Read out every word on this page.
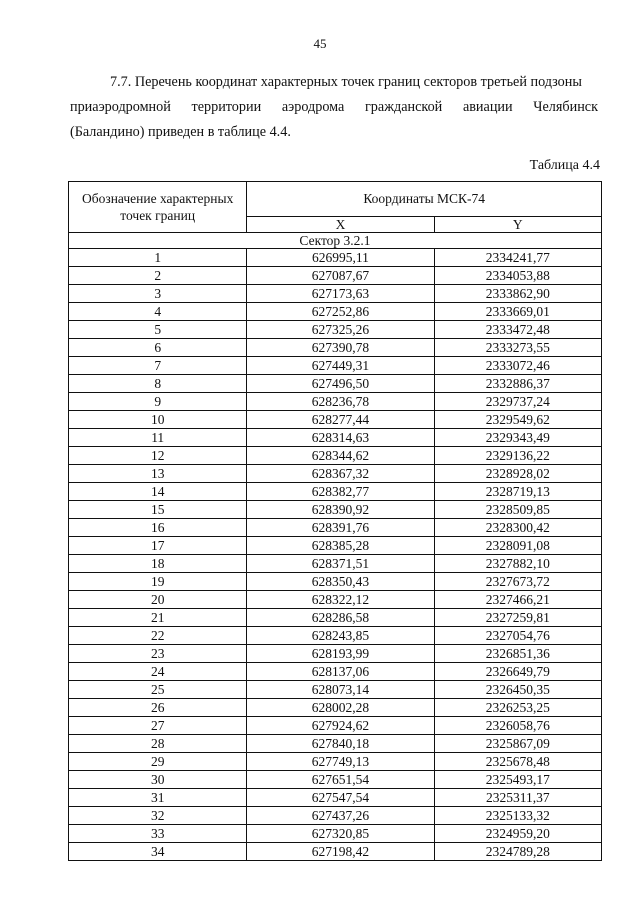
45
7.7. Перечень координат характерных точек границ секторов третьей подзоны
приаэродромной территории аэродрома гражданской авиации Челябинск
(Баландино) приведен в таблице 4.4.
Таблица 4.4
Обозначение характерных точек границ	Координаты МСК-74	
	X	Y
Сектор 3.2.1		
1	626995,11	2334241,77
2	627087,67	2334053,88
3	627173,63	2333862,90
4	627252,86	2333669,01
5	627325,26	2333472,48
6	627390,78	2333273,55
7	627449,31	2333072,46
8	627496,50	2332886,37
9	628236,78	2329737,24
10	628277,44	2329549,62
11	628314,63	2329343,49
12	628344,62	2329136,22
13	628367,32	2328928,02
14	628382,77	2328719,13
15	628390,92	2328509,85
16	628391,76	2328300,42
17	628385,28	2328091,08
18	628371,51	2327882,10
19	628350,43	2327673,72
20	628322,12	2327466,21
21	628286,58	2327259,81
22	628243,85	2327054,76
23	628193,99	2326851,36
24	628137,06	2326649,79
25	628073,14	2326450,35
26	628002,28	2326253,25
27	627924,62	2326058,76
28	627840,18	2325867,09
29	627749,13	2325678,48
30	627651,54	2325493,17
31	627547,54	2325311,37
32	627437,26	2325133,32
33	627320,85	2324959,20
34	627198,42	2324789,28
